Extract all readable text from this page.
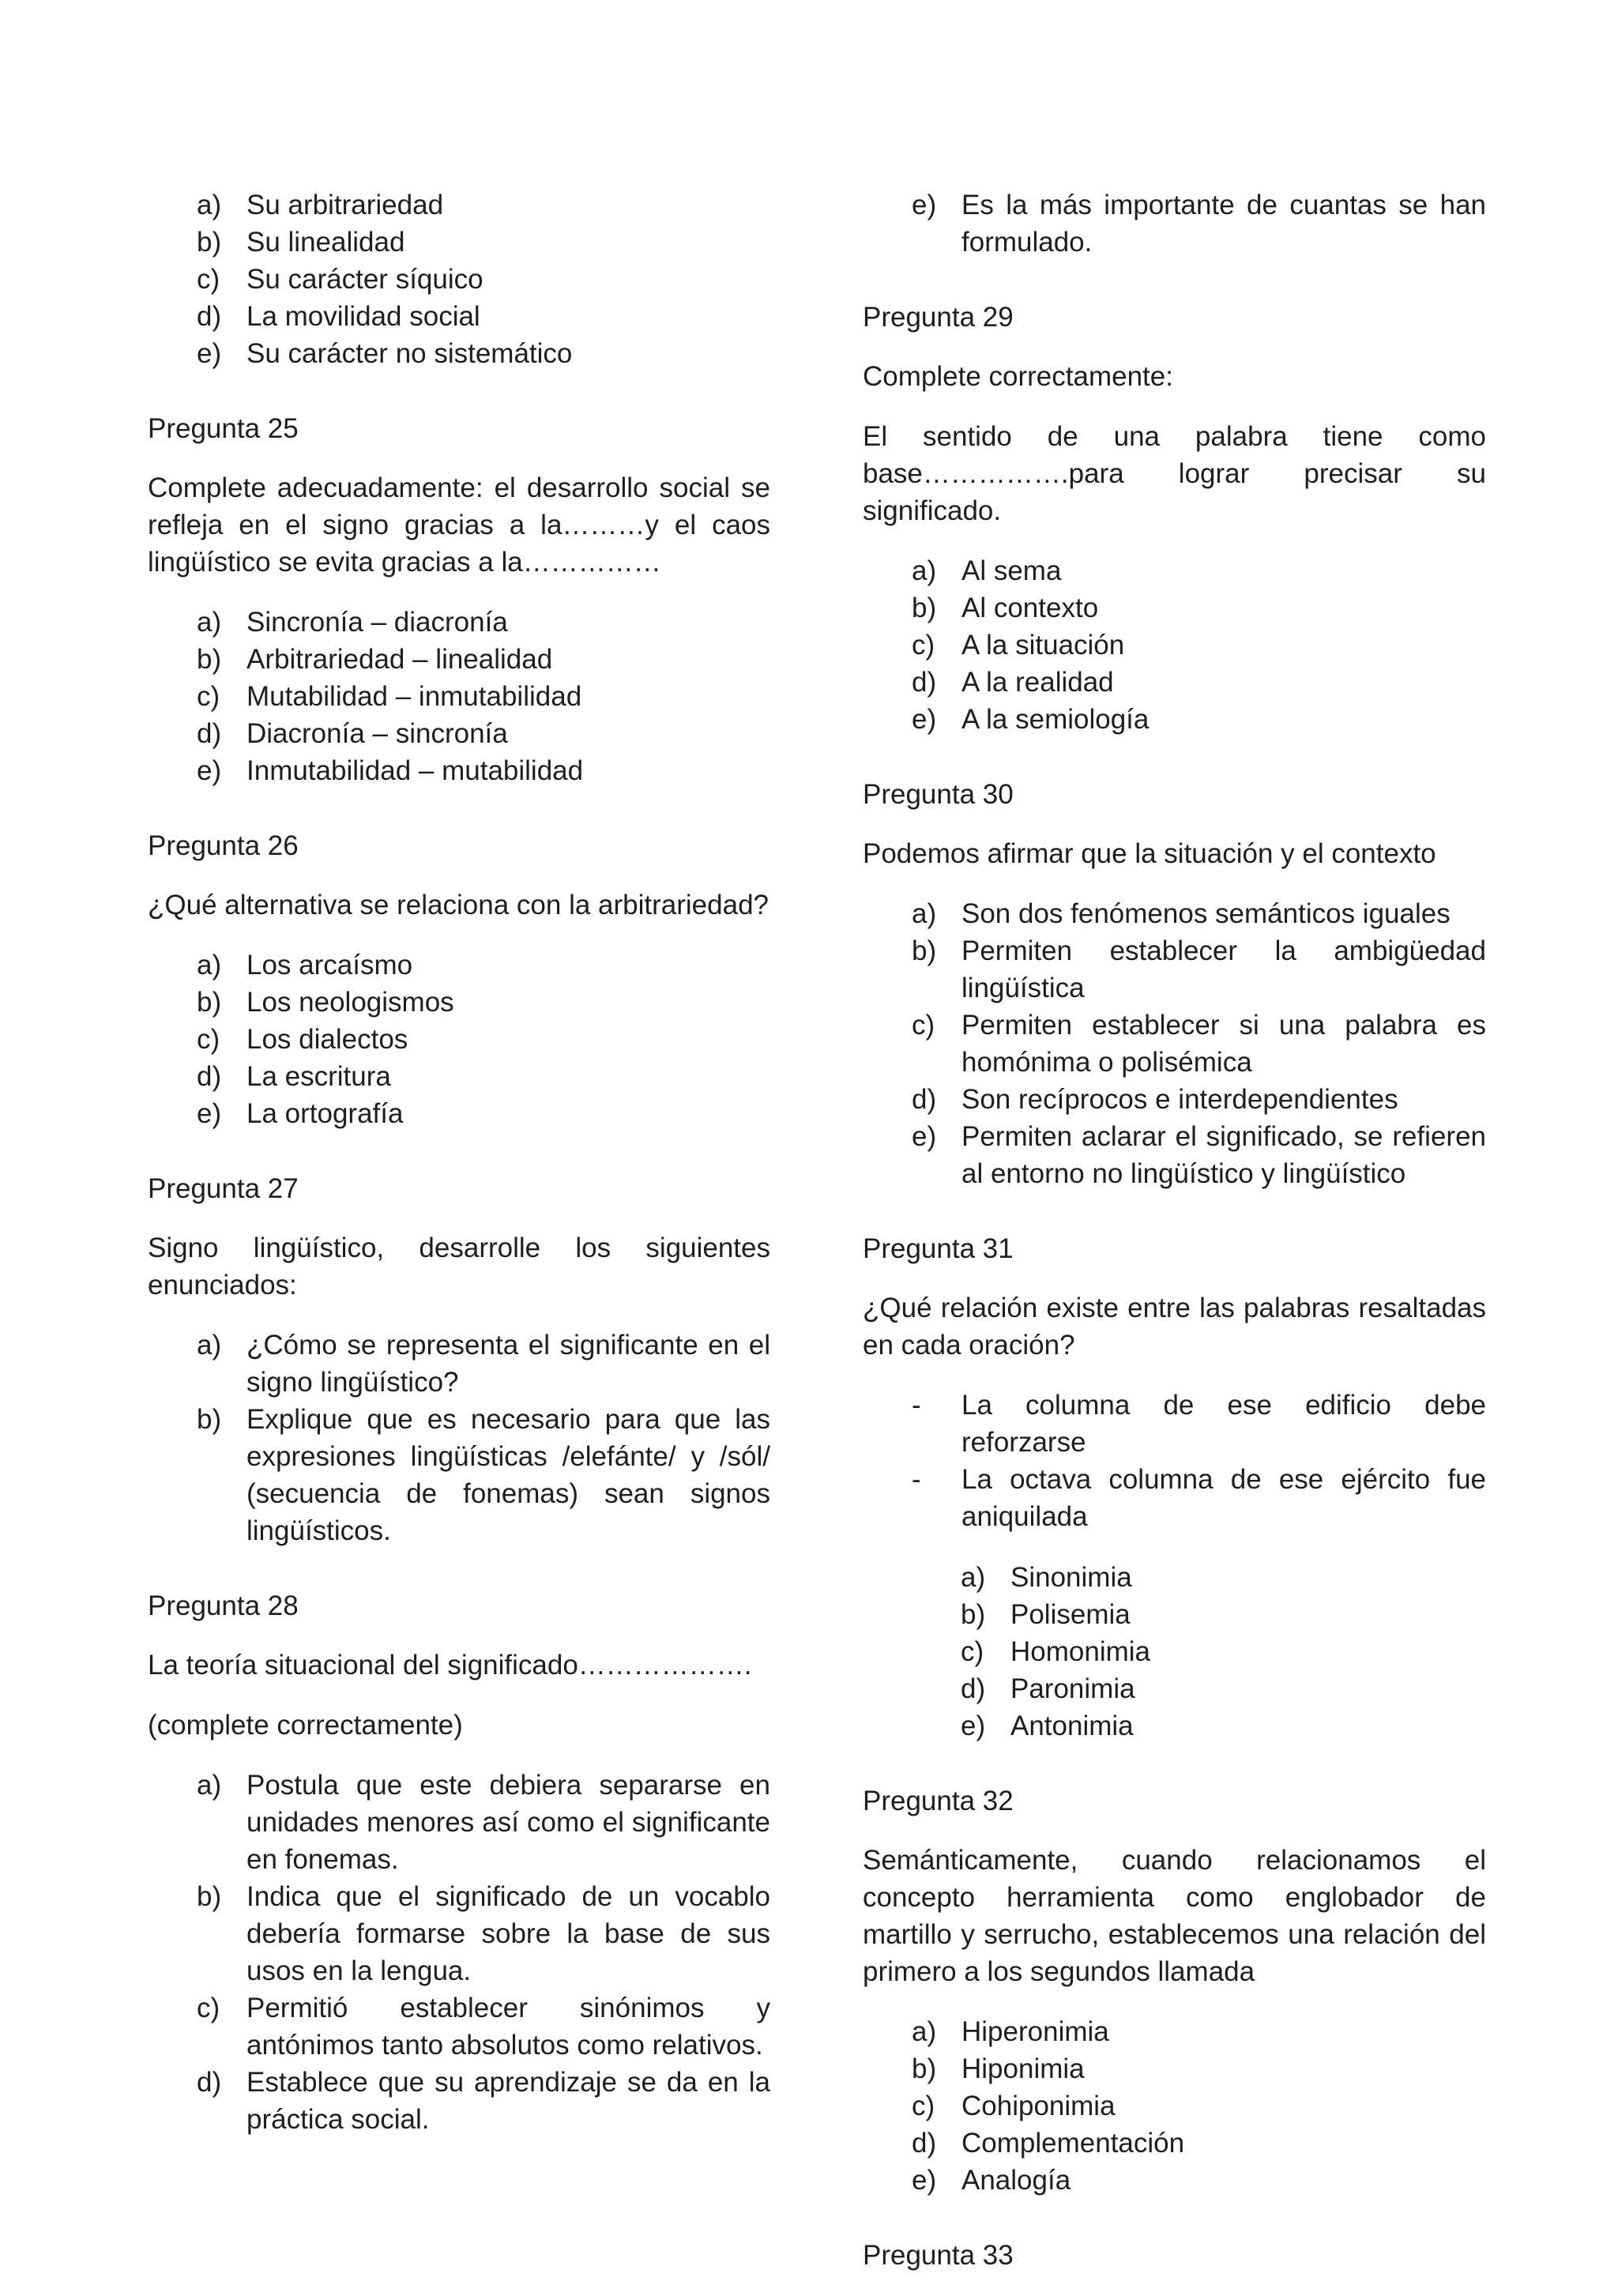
a) Su arbitrariedad
b) Su linealidad
c) Su carácter síquico
d) La movilidad social
e) Su carácter no sistemático
Pregunta 25
Complete adecuadamente: el desarrollo social se refleja en el signo gracias a la………y el caos lingüístico se evita gracias a la……………
a) Sincronía – diacronía
b) Arbitrariedad – linealidad
c) Mutabilidad – inmutabilidad
d) Diacronía – sincronía
e) Inmutabilidad – mutabilidad
Pregunta 26
¿Qué alternativa se relaciona con la arbitrariedad?
a) Los arcaísmo
b) Los neologismos
c) Los dialectos
d) La escritura
e) La ortografía
Pregunta 27
Signo lingüístico, desarrolle los siguientes enunciados:
a) ¿Cómo se representa el significante en el signo lingüístico?
b) Explique que es necesario para que las expresiones lingüísticas /elefánte/ y /sól/ (secuencia de fonemas) sean signos lingüísticos.
Pregunta 28
La teoría situacional del significado……………….
(complete correctamente)
a) Postula que este debiera separarse en unidades menores así como el significante en fonemas.
b) Indica que el significado de un vocablo debería formarse sobre la base de sus usos en la lengua.
c) Permitió establecer sinónimos y antónimos tanto absolutos como relativos.
d) Establece que su aprendizaje se da en la práctica social.
e) Es la más importante de cuantas se han formulado.
Pregunta 29
Complete correctamente:
El sentido de una palabra tiene como base…………….para lograr precisar su significado.
a) Al sema
b) Al contexto
c) A la situación
d) A la realidad
e) A la semiología
Pregunta 30
Podemos afirmar que la situación y el contexto
a) Son dos fenómenos semánticos iguales
b) Permiten establecer la ambigüedad lingüística
c) Permiten establecer si una palabra es homónima o polisémica
d) Son recíprocos e interdependientes
e) Permiten aclarar el significado, se refieren al entorno no lingüístico y lingüístico
Pregunta 31
¿Qué relación existe entre las palabras resaltadas en cada oración?
-	La columna de ese edificio debe reforzarse
-	La octava columna de ese ejército fue aniquilada
a) Sinonimia
b) Polisemia
c) Homonimia
d) Paronimia
e) Antonimia
Pregunta 32
Semánticamente, cuando relacionamos el concepto herramienta como englobador de martillo y serrucho, establecemos una relación del primero a los segundos llamada
a) Hiperonimia
b) Hiponimia
c) Cohiponimia
d) Complementación
e) Analogía
Pregunta 33
